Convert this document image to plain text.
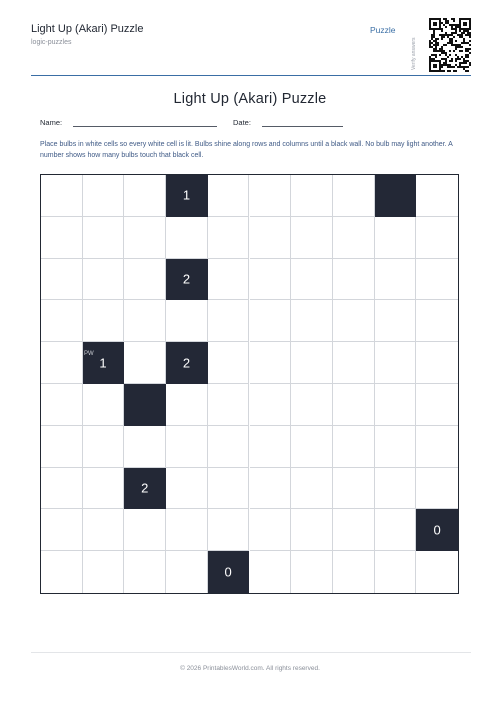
Light Up (Akari) Puzzle
logic-puzzles
Puzzle
Verify answers
Light Up (Akari) Puzzle
Name:	Date:
Place bulbs in white cells so every white cell is lit. Bulbs shine along rows and columns until a black wall. No bulb may light another. A number shows how many bulbs touch that black cell.
1
2
1	2
2
0
0
PW
© 2026 PrintablesWorld.com. All rights reserved.
